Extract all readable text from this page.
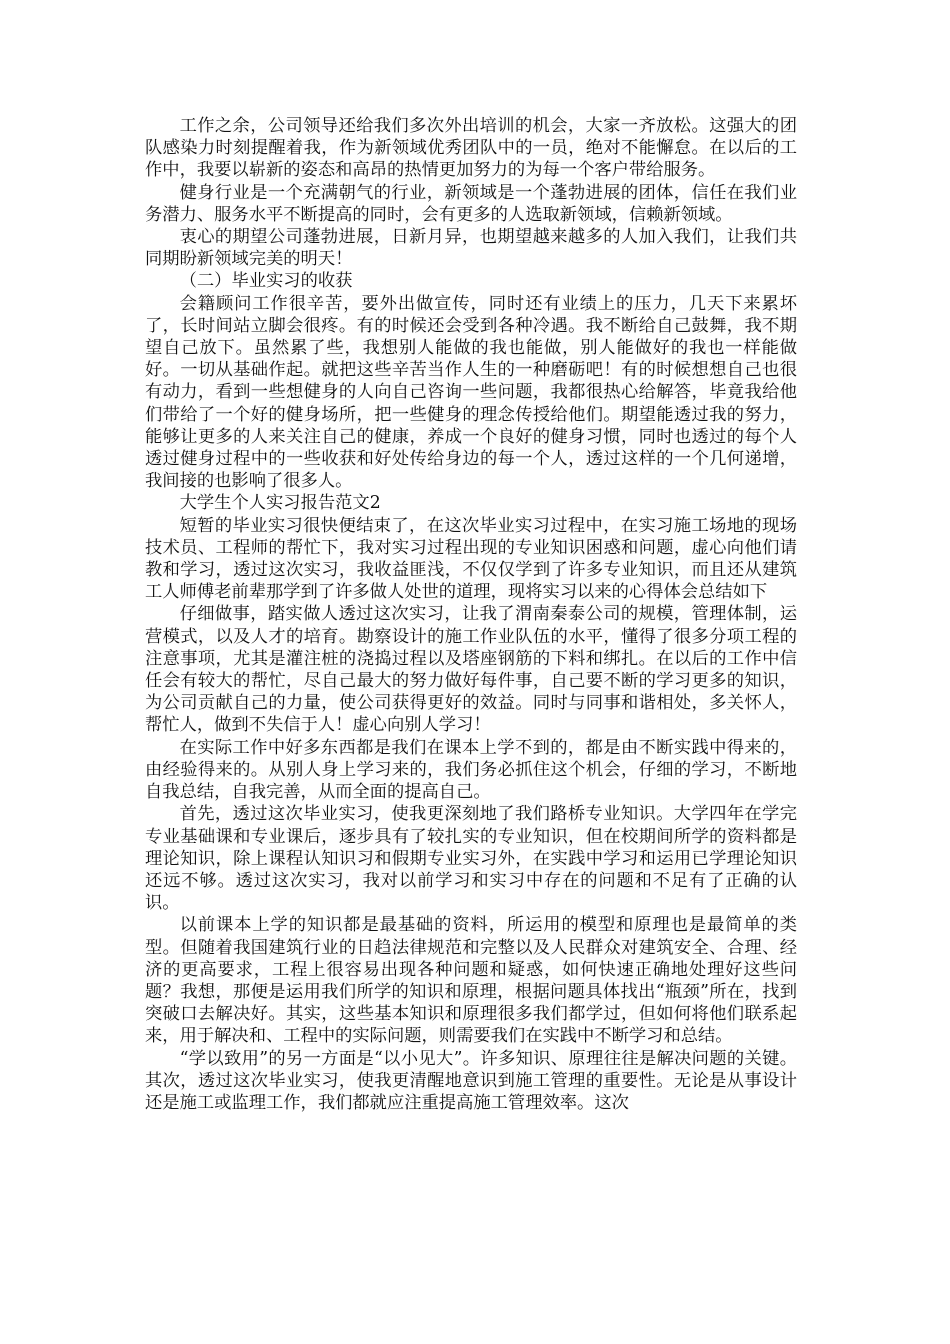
工作之余，公司领导还给我们多次外出培训的机会，大家一齐放松。这强大的团队感染力时刻提醒着我，作为新领域优秀团队中的一员，绝对不能懈怠。在以后的工作中，我要以崭新的姿态和高昂的热情更加努力的为每一个客户带给服务。

健身行业是一个充满朝气的行业，新领域是一个蓬勃进展的团体，信任在我们业务潜力、服务水平不断提高的同时，会有更多的人选取新领域，信赖新领域。

衷心的期望公司蓬勃进展，日新月异，也期望越来越多的人加入我们，让我们共同期盼新领域完美的明天！

（二）毕业实习的收获

会籍顾问工作很辛苦，要外出做宣传，同时还有业绩上的压力，几天下来累坏了，长时间站立脚会很疼。有的时候还会受到各种冷遇。我不断给自己鼓舞，我不期望自己放下。虽然累了些，我想别人能做的我也能做，别人能做好的我也一样能做好。一切从基础作起。就把这些辛苦当作人生的一种磨砺吧！有的时候想想自己也很有动力，看到一些想健身的人向自己咨询一些问题，我都很热心给解答，毕竟我给他们带给了一个好的健身场所，把一些健身的理念传授给他们。期望能透过我的努力，能够让更多的人来关注自己的健康，养成一个良好的健身习惯，同时也透过的每个人透过健身过程中的一些收获和好处传给身边的每一个人，透过这样的一个几何递增，我间接的也影响了很多人。

大学生个人实习报告范文2

短暂的毕业实习很快便结束了，在这次毕业实习过程中，在实习施工场地的现场技术员、工程师的帮忙下，我对实习过程出现的专业知识困惑和问题，虚心向他们请教和学习，透过这次实习，我收益匪浅，不仅仅学到了许多专业知识，而且还从建筑工人师傅老前辈那学到了许多做人处世的道理，现将实习以来的心得体会总结如下

仔细做事，踏实做人透过这次实习，让我了渭南秦泰公司的规模，管理体制，运营模式，以及人才的培育。勘察设计的施工作业队伍的水平，懂得了很多分项工程的注意事项，尤其是灌注桩的浇捣过程以及塔座钢筋的下料和绑扎。在以后的工作中信任会有较大的帮忙，尽自己最大的努力做好每件事，自己要不断的学习更多的知识，为公司贡献自己的力量，使公司获得更好的效益。同时与同事和谐相处，多关怀人，帮忙人，做到不失信于人！虚心向别人学习！

在实际工作中好多东西都是我们在课本上学不到的，都是由不断实践中得来的，由经验得来的。从别人身上学习来的，我们务必抓住这个机会，仔细的学习，不断地自我总结，自我完善，从而全面的提高自己。

首先，透过这次毕业实习，使我更深刻地了我们路桥专业知识。大学四年在学完专业基础课和专业课后，逐步具有了较扎实的专业知识，但在校期间所学的资料都是理论知识，除上课程认知识习和假期专业实习外，在实践中学习和运用已学理论知识还远不够。透过这次实习，我对以前学习和实习中存在的问题和不足有了正确的认识。

以前课本上学的知识都是最基础的资料，所运用的模型和原理也是最简单的类型。但随着我国建筑行业的日趋法律规范和完整以及人民群众对建筑安全、合理、经济的更高要求，工程上很容易出现各种问题和疑惑，如何快速正确地处理好这些问题？我想，那便是运用我们所学的知识和原理，根据问题具体找出“瓶颈”所在，找到突破口去解决好。其实，这些基本知识和原理很多我们都学过，但如何将他们联系起来，用于解决和、工程中的实际问题，则需要我们在实践中不断学习和总结。

“学以致用”的另一方面是“以小见大”。许多知识、原理往往是解决问题的关键。其次，透过这次毕业实习，使我更清醒地意识到施工管理的重要性。无论是从事设计还是施工或监理工作，我们都就应注重提高施工管理效率。这次
